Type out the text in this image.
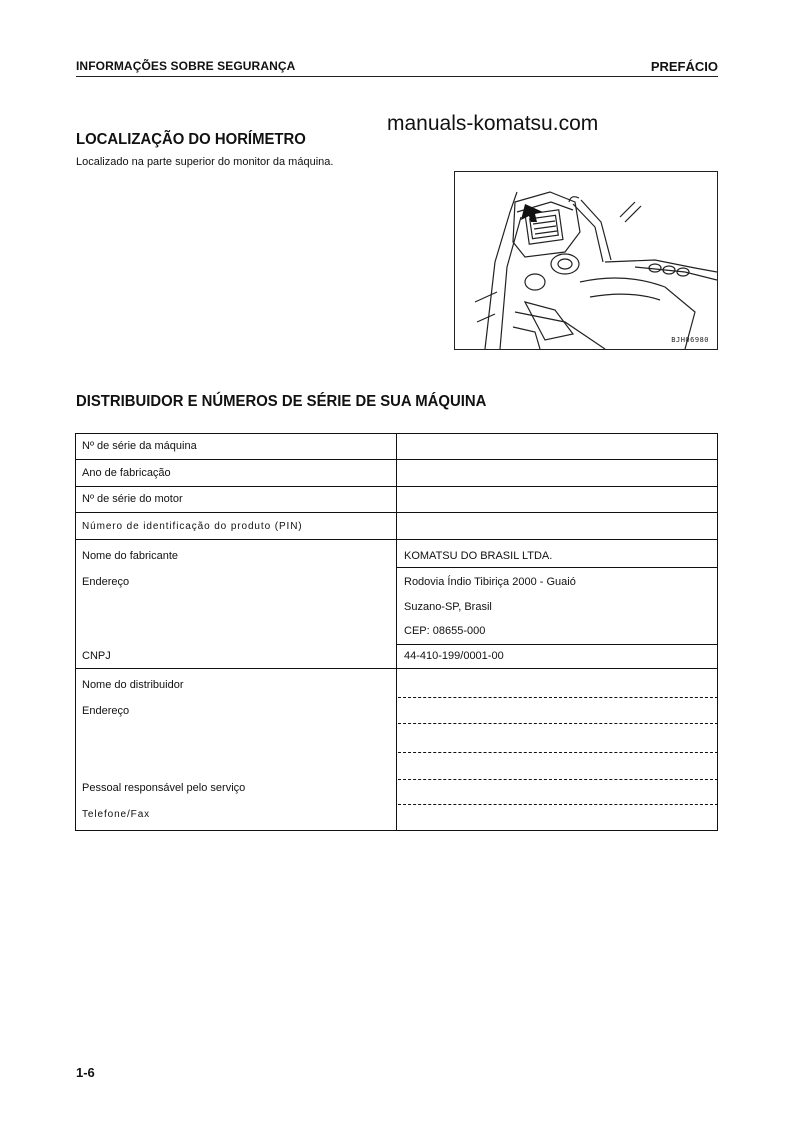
INFORMAÇÕES SOBRE SEGURANÇA	PREFÁCIO
manuals-komatsu.com
LOCALIZAÇÃO DO HORÍMETRO
Localizado na parte superior do monitor da máquina.
BJH06980
DISTRIBUIDOR E NÚMEROS DE SÉRIE DE SUA MÁQUINA
Nº de série da máquina
Ano de fabricação
Nº de série do motor
Número de identificação do produto (PIN)
Nome do fabricante
Endereço
CNPJ
Nome do distribuidor
Endereço
Pessoal responsável pelo serviço
Telefone/Fax
KOMATSU DO BRASIL LTDA.
Rodovia Índio Tibiriça 2000 - Guaió
Suzano-SP, Brasil
CEP: 08655-000
44-410-199/0001-00
1-6
